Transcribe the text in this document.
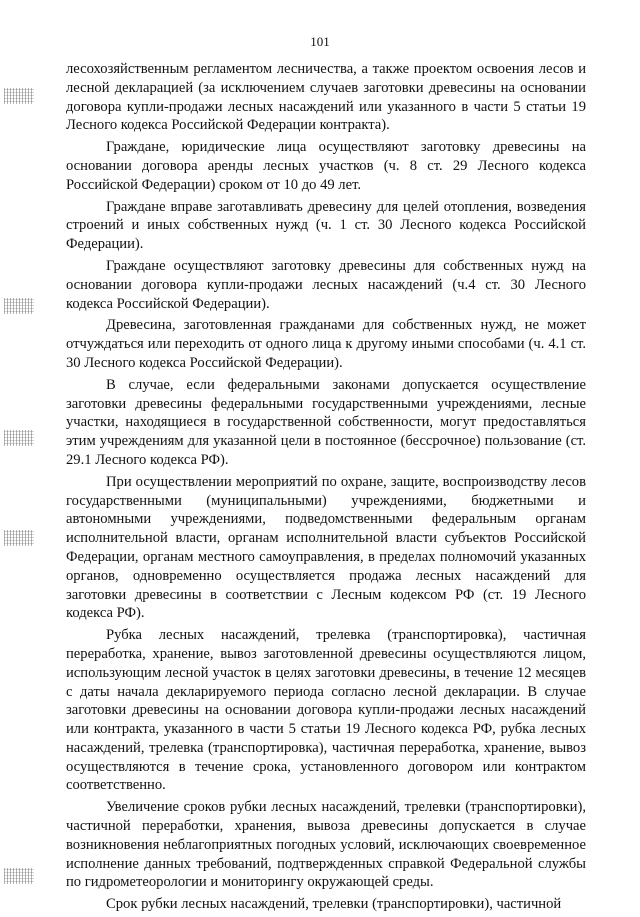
101

лесохозяйственным регламентом лесничества, а также проектом освоения лесов и лесной декларацией (за исключением случаев заготовки древесины на основании договора купли-продажи лесных насаждений или указанного в части 5 статьи 19 Лесного кодекса Российской Федерации контракта).

Граждане, юридические лица осуществляют заготовку древесины на основании договора аренды лесных участков (ч. 8 ст. 29 Лесного кодекса Российской Федерации) сроком от 10 до 49 лет.

Граждане вправе заготавливать древесину для целей отопления, возведения строений и иных собственных нужд (ч. 1 ст. 30 Лесного кодекса Российской Федерации).

Граждане осуществляют заготовку древесины для собственных нужд на основании договора купли-продажи лесных насаждений (ч.4 ст. 30 Лесного кодекса Российской Федерации).

Древесина, заготовленная гражданами для собственных нужд, не может отчуждаться или переходить от одного лица к другому иными способами (ч. 4.1 ст. 30 Лесного кодекса Российской Федерации).

В случае, если федеральными законами допускается осуществление заготовки древесины федеральными государственными учреждениями, лесные участки, находящиеся в государственной собственности, могут предоставляться этим учреждениям для указанной цели в постоянное (бессрочное) пользование (ст. 29.1 Лесного кодекса РФ).

При осуществлении мероприятий по охране, защите, воспроизводству лесов государственными (муниципальными) учреждениями, бюджетными и автономными учреждениями, подведомственными федеральным органам исполнительной власти, органам исполнительной власти субъектов Российской Федерации, органам местного самоуправления, в пределах полномочий указанных органов, одновременно осуществляется продажа лесных насаждений для заготовки древесины в соответствии с Лесным кодексом РФ (ст. 19 Лесного кодекса РФ).

Рубка лесных насаждений, трелевка (транспортировка), частичная переработка, хранение, вывоз заготовленной древесины осуществляются лицом, использующим лесной участок в целях заготовки древесины, в течение 12 месяцев с даты начала декларируемого периода согласно лесной декларации. В случае заготовки древесины на основании договора купли-продажи лесных насаждений или контракта, указанного в части 5 статьи 19 Лесного кодекса РФ, рубка лесных насаждений, трелевка (транспортировка), частичная переработка, хранение, вывоз осуществляются в течение срока, установленного договором или контрактом соответственно.

Увеличение сроков рубки лесных насаждений, трелевки (транспортировки), частичной переработки, хранения, вывоза древесины допускается в случае возникновения неблагоприятных погодных условий, исключающих своевременное исполнение данных требований, подтвержденных справкой Федеральной службы по гидрометеорологии и мониторингу окружающей среды.

Срок рубки лесных насаждений, трелевки (транспортировки), частичной
